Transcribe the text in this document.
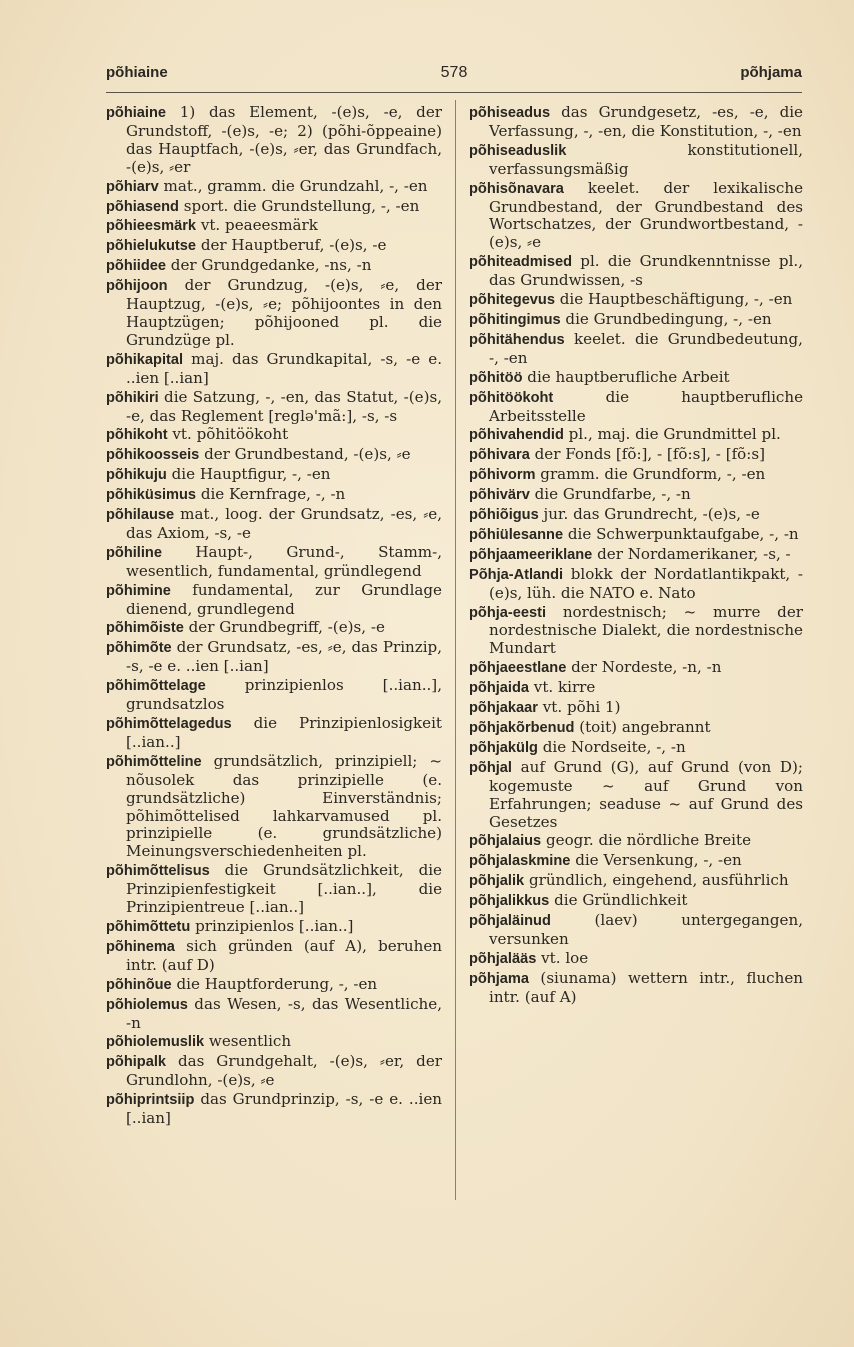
põhiaine	578	põhjama
põhiaine 1) das Element, -(e)s, -e, der Grundstoff, -(e)s, -e; 2) (põhi-õppeaine) das Hauptfach, -(e)s, ⸗er, das Grundfach, -(e)s, ⸗er
põhiarv mat., gramm. die Grundzahl, -, -en
põhiasend sport. die Grundstellung, -, -en
põhieesmärk vt. peaeesmärk
põhielukutse der Hauptberuf, -(e)s, -e
põhiidee der Grundgedanke, -ns, -n
põhijoon der Grundzug, -(e)s, ⸗e, der Hauptzug, -(e)s, ⸗e; põhijoontes in den Hauptzügen; põhijooned pl. die Grundzüge pl.
põhikapital maj. das Grundkapital, -s, -e e. ..ien [..ian]
põhikiri die Satzung, -, -en, das Statut, -(e)s, -e, das Reglement [reglə'mã:], -s, -s
põhikoht vt. põhitöökoht
põhikoosseis der Grundbestand, -(e)s, ⸗e
põhikuju die Hauptfigur, -, -en
põhiküsimus die Kernfrage, -, -n
põhilause mat., loog. der Grundsatz, -es, ⸗e, das Axiom, -s, -e
põhiline Haupt-, Grund-, Stamm-, wesentlich, fundamental, gründlegend
põhimine fundamental, zur Grundlage dienend, grundlegend
põhimõiste der Grundbegriff, -(e)s, -e
põhimõte der Grundsatz, -es, ⸗e, das Prinzip, -s, -e e. ..ien [..ian]
põhimõttelage prinzipienlos [..ian..], grundsatzlos
põhimõttelagedus die Prinzipienlosigkeit [..ian..]
põhimõtteline grundsätzlich, prinzipiell; ~ nõusolek das prinzipielle (e. grundsätzliche) Einverständnis; põhimõttelised lahkarvamused pl. prinzipielle (e. grundsätzliche) Meinungsverschiedenheiten pl.
põhimõttelisus die Grundsätzlichkeit, die Prinzipienfestigkeit [..ian..], die Prinzipientreue [..ian..]
põhimõttetu prinzipienlos [..ian..]
põhinema sich gründen (auf A), beruhen intr. (auf D)
põhinõue die Hauptforderung, -, -en
põhiolemus das Wesen, -s, das Wesentliche, -n
põhiolemuslik wesentlich
põhipalk das Grundgehalt, -(e)s, ⸗er, der Grundlohn, -(e)s, ⸗e
põhiprintsiip das Grundprinzip, -s, -e e. ..ien [..ian]
põhiseadus das Grundgesetz, -es, -e, die Verfassung, -, -en, die Konstitution, -, -en
põhiseaduslik konstitutionell, verfassungsmäßig
põhisõnavara keelet. der lexikalische Grundbestand, der Grundbestand des Wortschatzes, der Grundwortbestand, -(e)s, ⸗e
põhiteadmised pl. die Grundkenntnisse pl., das Grundwissen, -s
põhitegevus die Hauptbeschäftigung, -, -en
põhitingimus die Grundbedingung, -, -en
põhitähendus keelet. die Grundbedeutung, -, -en
põhitöö die hauptberufliche Arbeit
põhitöökoht die hauptberufliche Arbeitsstelle
põhivahendid pl., maj. die Grundmittel pl.
põhivara der Fonds [fõ:], - [fõ:s], - [fõ:s]
põhivorm gramm. die Grundform, -, -en
põhivärv die Grundfarbe, -, -n
põhiõigus jur. das Grundrecht, -(e)s, -e
põhiülesanne die Schwerpunktaufgabe, -, -n
põhjaameeriklane der Nordamerikaner, -s, -
Põhja-Atlandi blokk der Nordatlantikpakt, -(e)s, lüh. die NATO e. Nato
põhja-eesti nordestnisch; ~ murre der nordestnische Dialekt, die nordestnische Mundart
põhjaeestlane der Nordeste, -n, -n
põhjaida vt. kirre
põhjakaar vt. põhi 1)
põhjakõrbenud (toit) angebrannt
põhjakülg die Nordseite, -, -n
põhjal auf Grund (G), auf Grund (von D); kogemuste ~ auf Grund von Erfahrungen; seaduse ~ auf Grund des Gesetzes
põhjalaius geogr. die nördliche Breite
põhjalaskmine die Versenkung, -, -en
põhjalik gründlich, eingehend, ausführlich
põhjalikkus die Gründlichkeit
põhjaläinud (laev) untergegangen, versunken
põhjalääs vt. loe
põhjama (siunama) wettern intr., fluchen intr. (auf A)
